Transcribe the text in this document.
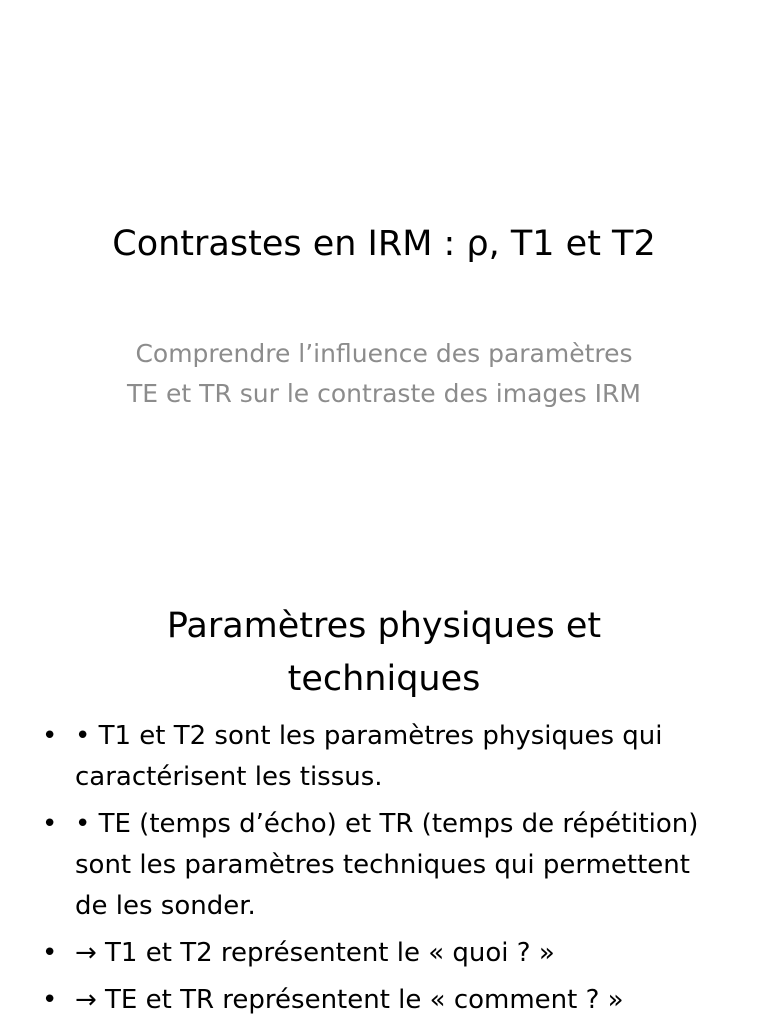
Contrastes en IRM : ρ, T1 et T2

Comprendre l’influence des paramètres TE et TR sur le contraste des images IRM

Paramètres physiques et techniques
• • T1 et T2 sont les paramètres physiques qui caractérisent les tissus.
• • TE (temps d’écho) et TR (temps de répétition) sont les paramètres techniques qui permettent de les sonder.
• → T1 et T2 représentent le « quoi ? »
• → TE et TR représentent le « comment ? »
